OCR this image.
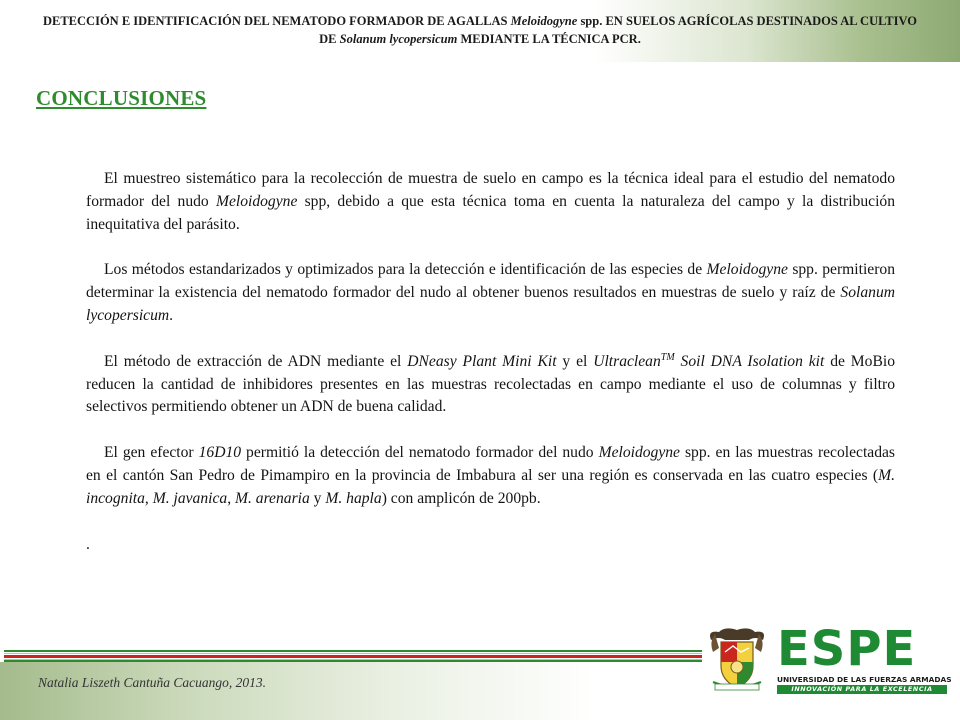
DETECCIÓN E IDENTIFICACIÓN DEL NEMATODO FORMADOR DE AGALLAS Meloidogyne spp. EN SUELOS AGRÍCOLAS DESTINADOS AL CULTIVO DE Solanum lycopersicum MEDIANTE LA TÉCNICA PCR.
CONCLUSIONES

El muestreo sistemático para la recolección de muestra de suelo en campo es la técnica ideal para el estudio del nematodo formador del nudo Meloidogyne spp, debido a que esta técnica toma en cuenta la naturaleza del campo y la distribución inequitativa del parásito.

Los métodos estandarizados y optimizados para la detección e identificación de las especies de Meloidogyne spp. permitieron determinar la existencia del nematodo formador del nudo al obtener buenos resultados en muestras de suelo y raíz de Solanum lycopersicum.

El método de extracción de ADN mediante el DNeasy Plant Mini Kit y el Ultraclean™ Soil DNA Isolation kit de MoBio reducen la cantidad de inhibidores presentes en las muestras recolectadas en campo mediante el uso de columnas y filtro selectivos permitiendo obtener un ADN de buena calidad.

El gen efector 16D10 permitió la detección del nematodo formador del nudo Meloidogyne spp. en las muestras recolectadas en el cantón San Pedro de Pimampiro en la provincia de Imbabura al ser una región es conservada en las cuatro especies (M. incognita, M. javanica, M. arenaria y M. hapla) con amplicón de 200pb.

.

Natalia Liszeth Cantuña Cacuango, 2013.
ESPE
UNIVERSIDAD DE LAS FUERZAS ARMADAS
INNOVACIÓN PARA LA EXCELENCIA
